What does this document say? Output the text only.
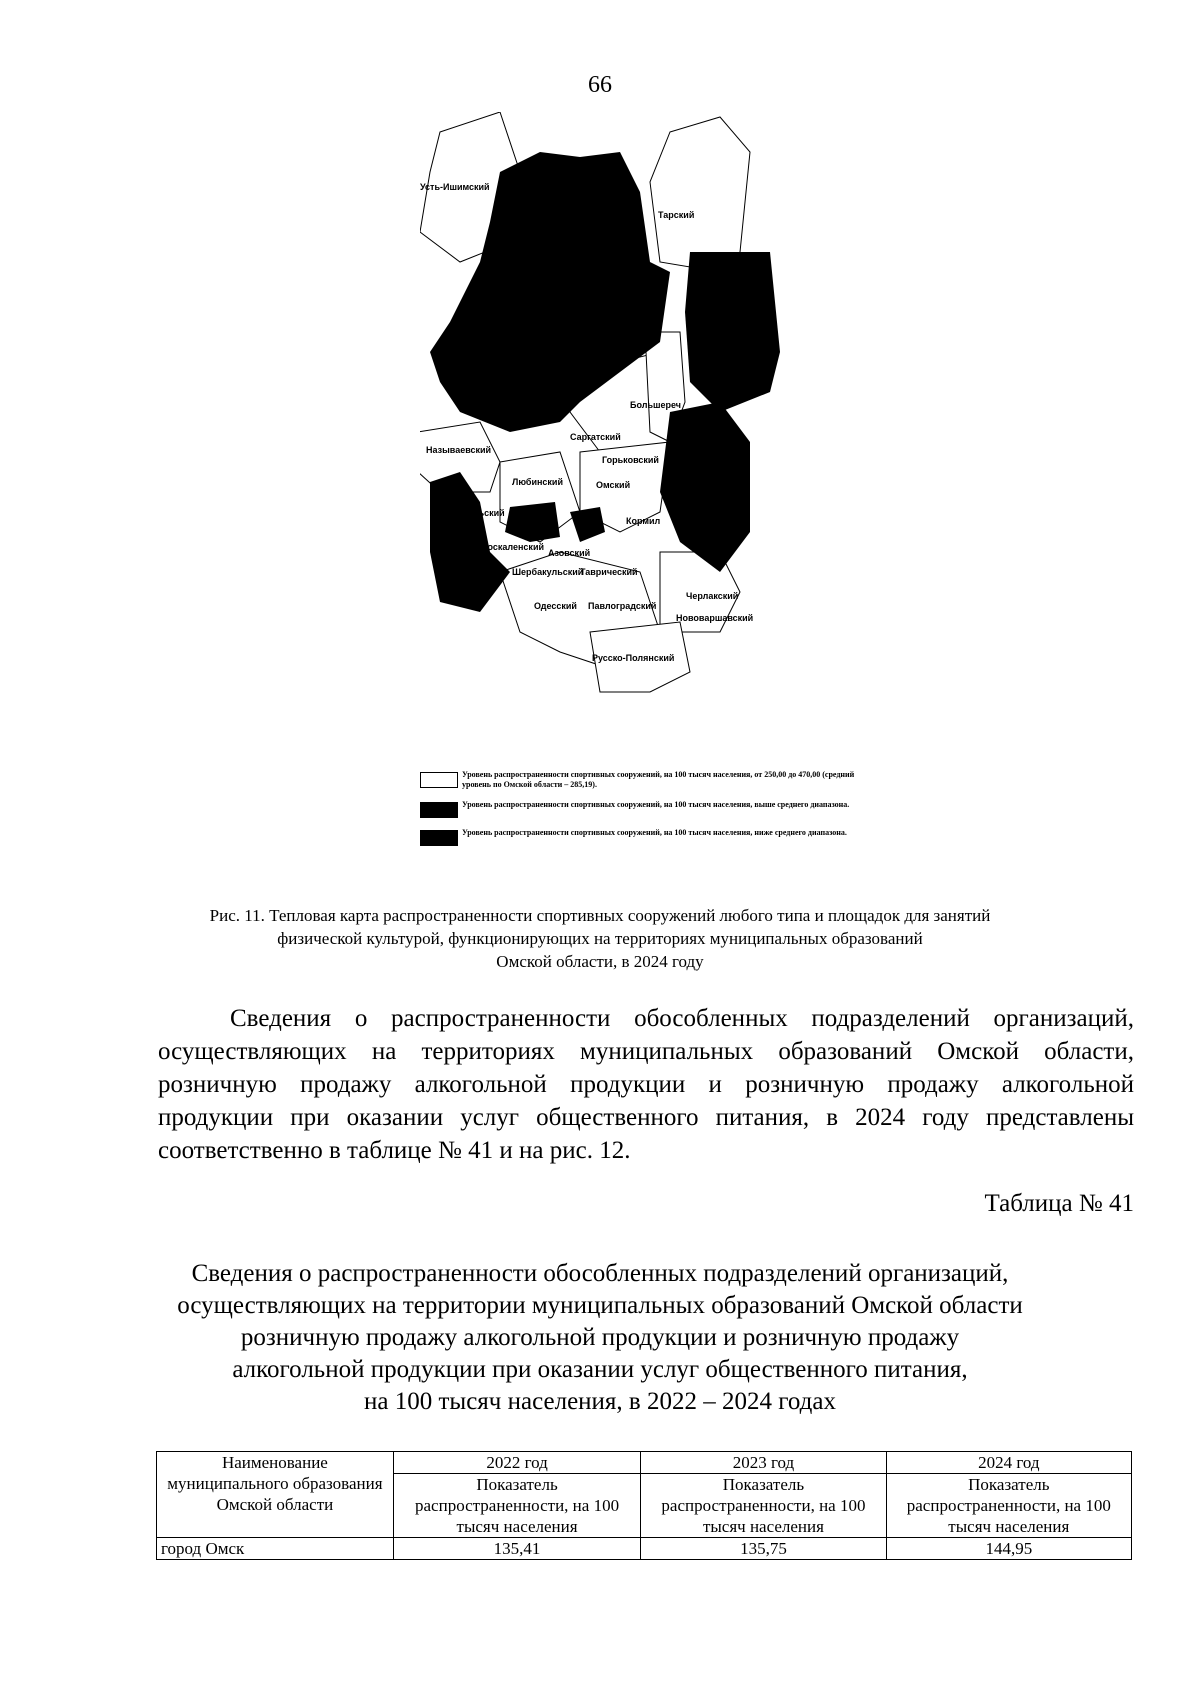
66
Усть-Ишимский
Тарский
Большереч
Саргатский
Называевский
Горьковский
Любинский	Омский
ульский
Кормил
Москаленский
Азовский
Шербакульский
Таврический
Одесский Павлоградский
Черлакский
Нововаршавский
Русско-Полянский
Уровень распространенности спортивных сооружений, на 100 тысяч населения, от 250,00 до 470,00 (средний уровень по Омской области – 285,19).
Уровень распространенности спортивных сооружений, на 100 тысяч населения, выше среднего диапазона.
Уровень распространенности спортивных сооружений, на 100 тысяч населения, ниже среднего диапазона.
Рис. 11. Тепловая карта распространенности спортивных сооружений любого типа и площадок для занятий
физической культурой, функционирующих на территориях муниципальных образований
Омской области, в 2024 году
Сведения о распространенности обособленных подразделений организаций, осуществляющих на территориях муниципальных образований Омской области, розничную продажу алкогольной продукции и розничную продажу алкогольной продукции при оказании услуг общественного питания, в 2024 году представлены соответственно в таблице № 41 и на рис. 12.
Таблица № 41
Сведения о распространенности обособленных подразделений организаций,
осуществляющих на территории муниципальных образований Омской области
розничную продажу алкогольной продукции и розничную продажу
алкогольной продукции при оказании услуг общественного питания,
на 100 тысяч населения, в 2022 – 2024 годах
Наименование муниципального образования Омской области	2022 год	2023 год	2024 год
	Показатель распространенности, на 100 тысяч населения	Показатель распространенности, на 100 тысяч населения	Показатель распространенности, на 100 тысяч населения
город Омск	135,41	135,75	144,95
